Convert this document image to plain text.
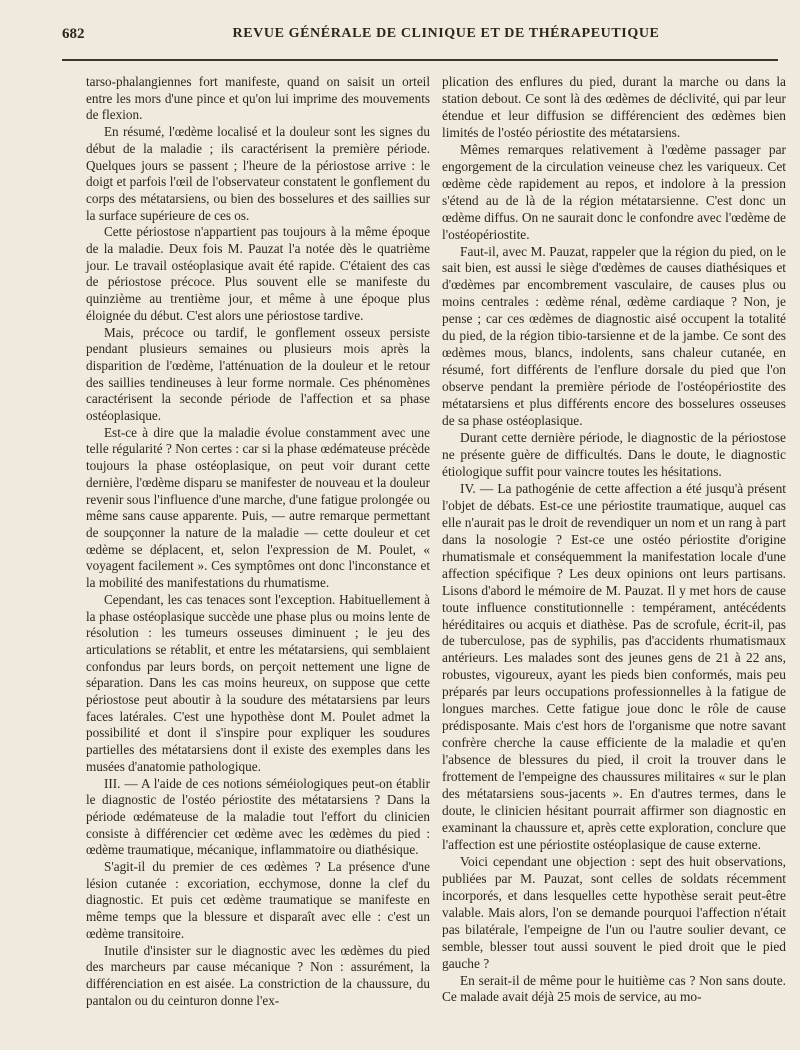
682	REVUE GÉNÉRALE DE CLINIQUE ET DE THÉRAPEUTIQUE

tarso-phalangiennes fort manifeste, quand on saisit un orteil entre les mors d'une pince et qu'on lui imprime des mouvements de flexion.

En résumé, l'œdème localisé et la douleur sont les signes du début de la maladie ; ils caractérisent la première période. Quelques jours se passent ; l'heure de la périostose arrive : le doigt et parfois l'œil de l'observateur constatent le gonflement du corps des métatarsiens, ou bien des bosselures et des saillies sur la surface supérieure de ces os.

Cette périostose n'appartient pas toujours à la même époque de la maladie. Deux fois M. Pauzat l'a notée dès le quatrième jour. Le travail ostéoplasique avait été rapide. C'étaient des cas de périostose précoce. Plus souvent elle se manifeste du quinzième au trentième jour, et même à une époque plus éloignée du début. C'est alors une périostose tardive.

Mais, précoce ou tardif, le gonflement osseux persiste pendant plusieurs semaines ou plusieurs mois après la disparition de l'œdème, l'atténuation de la douleur et le retour des saillies tendineuses à leur forme normale. Ces phénomènes caractérisent la seconde période de l'affection et sa phase ostéoplasique.

Est-ce à dire que la maladie évolue constamment avec une telle régularité ? Non certes : car si la phase œdémateuse précède toujours la phase ostéoplasique, on peut voir durant cette dernière, l'œdème disparu se manifester de nouveau et la douleur revenir sous l'influence d'une marche, d'une fatigue prolongée ou même sans cause apparente. Puis, — autre remarque permettant de soupçonner la nature de la maladie — cette douleur et cet œdème se déplacent, et, selon l'expression de M. Poulet, « voyagent facilement ». Ces symptômes ont donc l'inconstance et la mobilité des manifestations du rhumatisme.

Cependant, les cas tenaces sont l'exception. Habituellement à la phase ostéoplasique succède une phase plus ou moins lente de résolution : les tumeurs osseuses diminuent ; le jeu des articulations se rétablit, et entre les métatarsiens, qui semblaient confondus par leurs bords, on perçoit nettement une ligne de séparation. Dans les cas moins heureux, on suppose que cette périostose peut aboutir à la soudure des métatarsiens par leurs faces latérales. C'est une hypothèse dont M. Poulet admet la possibilité et dont il s'inspire pour expliquer les soudures partielles des métatarsiens dont il existe des exemples dans les musées d'anatomie pathologique.

III. — A l'aide de ces notions séméiologiques peut-on établir le diagnostic de l'ostéo périostite des métatarsiens ? Dans la période œdémateuse de la maladie tout l'effort du clinicien consiste à différencier cet œdème avec les œdèmes du pied : œdème traumatique, mécanique, inflammatoire ou diathésique.

S'agit-il du premier de ces œdèmes ? La présence d'une lésion cutanée : excoriation, ecchymose, donne la clef du diagnostic. Et puis cet œdème traumatique se manifeste en même temps que la blessure et disparaît avec elle : c'est un œdème transitoire.

Inutile d'insister sur le diagnostic avec les œdèmes du pied des marcheurs par cause mécanique ? Non : assurément, la différenciation en est aisée. La constriction de la chaussure, du pantalon ou du ceinturon donne l'ex-

plication des enflures du pied, durant la marche ou dans la station debout. Ce sont là des œdèmes de déclivité, qui par leur étendue et leur diffusion se différencient des œdèmes bien limités de l'ostéo périostite des métatarsiens.

Mêmes remarques relativement à l'œdème passager par engorgement de la circulation veineuse chez les variqueux. Cet œdème cède rapidement au repos, et indolore à la pression s'étend au de là de la région métatarsienne. C'est donc un œdème diffus. On ne saurait donc le confondre avec l'œdème de l'ostéopériostite.

Faut-il, avec M. Pauzat, rappeler que la région du pied, on le sait bien, est aussi le siège d'œdèmes de causes diathésiques et d'œdèmes par encombrement vasculaire, de causes plus ou moins centrales : œdème rénal, œdème cardiaque ? Non, je pense ; car ces œdèmes de diagnostic aisé occupent la totalité du pied, de la région tibio-tarsienne et de la jambe. Ce sont des œdèmes mous, blancs, indolents, sans chaleur cutanée, en résumé, fort différents de l'enflure dorsale du pied que l'on observe pendant la première période de l'ostéopériostite des métatarsiens et plus différents encore des bosselures osseuses de sa phase ostéoplasique.

Durant cette dernière période, le diagnostic de la périostose ne présente guère de difficultés. Dans le doute, le diagnostic étiologique suffit pour vaincre toutes les hésitations.

IV. — La pathogénie de cette affection a été jusqu'à présent l'objet de débats. Est-ce une périostite traumatique, auquel cas elle n'aurait pas le droit de revendiquer un nom et un rang à part dans la nosologie ? Est-ce une ostéo périostite d'origine rhumatismale et conséquemment la manifestation locale d'une affection spécifique ? Les deux opinions ont leurs partisans. Lisons d'abord le mémoire de M. Pauzat. Il y met hors de cause toute influence constitutionnelle : tempérament, antécédents héréditaires ou acquis et diathèse. Pas de scrofule, écrit-il, pas de tuberculose, pas de syphilis, pas d'accidents rhumatismaux antérieurs. Les malades sont des jeunes gens de 21 à 22 ans, robustes, vigoureux, ayant les pieds bien conformés, mais peu préparés par leurs occupations professionnelles à la fatigue de longues marches. Cette fatigue joue donc le rôle de cause prédisposante. Mais c'est hors de l'organisme que notre savant confrère cherche la cause efficiente de la maladie et qu'en l'absence de blessures du pied, il croit la trouver dans le frottement de l'empeigne des chaussures militaires « sur le plan des métatarsiens sous-jacents ». En d'autres termes, dans le doute, le clinicien hésitant pourrait affirmer son diagnostic en examinant la chaussure et, après cette exploration, conclure que l'affection est une périostite ostéoplasique de cause externe.

Voici cependant une objection : sept des huit observations, publiées par M. Pauzat, sont celles de soldats récemment incorporés, et dans lesquelles cette hypothèse serait peut-être valable. Mais alors, l'on se demande pourquoi l'affection n'était pas bilatérale, l'empeigne de l'un ou l'autre soulier devant, ce semble, blesser tout aussi souvent le pied droit que le pied gauche ?

En serait-il de même pour le huitième cas ? Non sans doute. Ce malade avait déjà 25 mois de service, au mo-
